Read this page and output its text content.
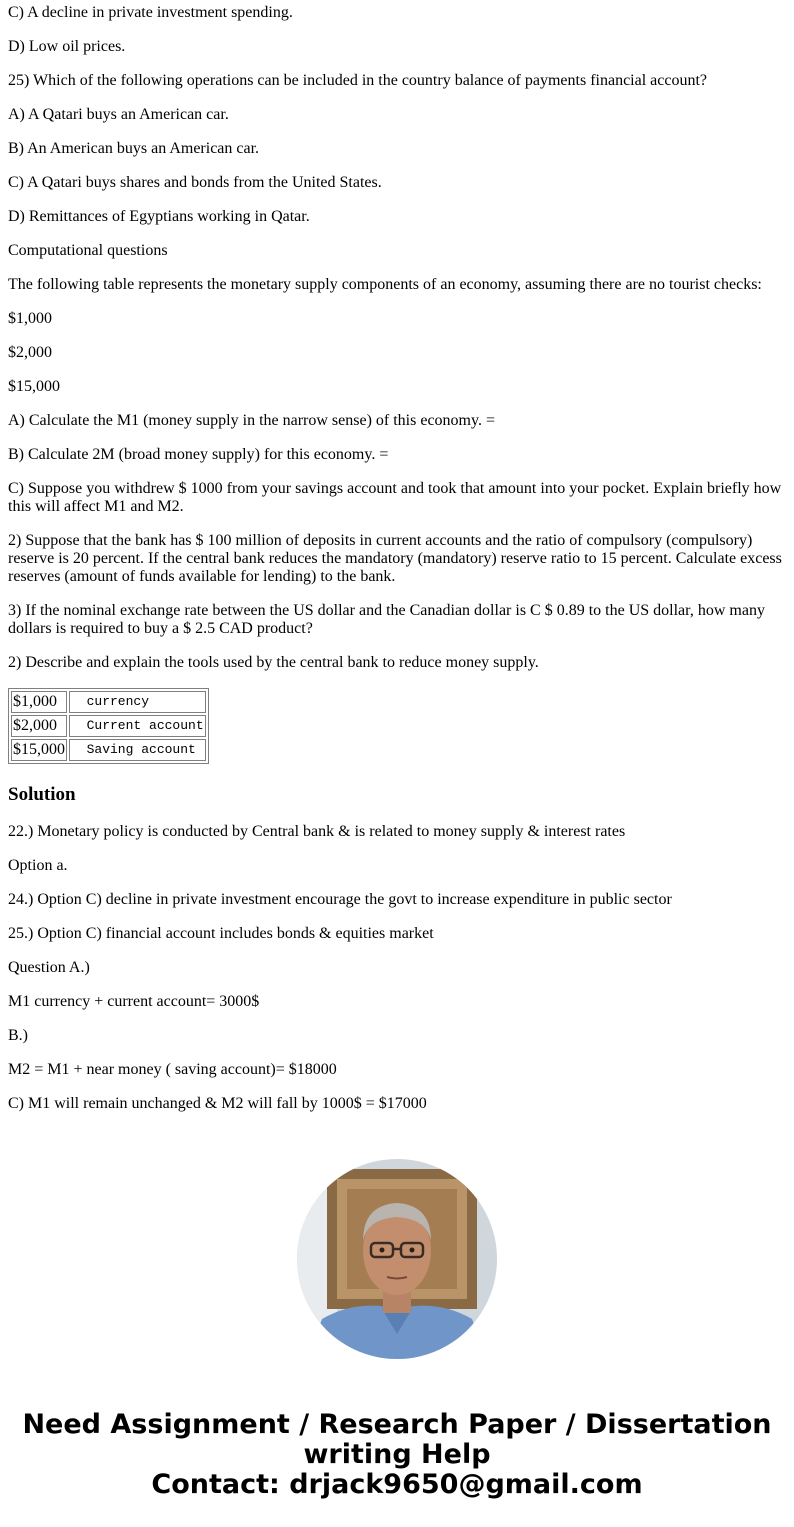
C) A decline in private investment spending.

D) Low oil prices.

25) Which of the following operations can be included in the country balance of payments financial account?

A) A Qatari buys an American car.

B) An American buys an American car.

C) A Qatari buys shares and bonds from the United States.

D) Remittances of Egyptians working in Qatar.

Computational questions

The following table represents the monetary supply components of an economy, assuming there are no tourist checks:

$1,000

$2,000

$15,000

A) Calculate the M1 (money supply in the narrow sense) of this economy. =

B) Calculate 2M (broad money supply) for this economy. =

C) Suppose you withdrew $ 1000 from your savings account and took that amount into your pocket. Explain briefly how this will affect M1 and M2.

2) Suppose that the bank has $ 100 million of deposits in current accounts and the ratio of compulsory (compulsory) reserve is 20 percent. If the central bank reduces the mandatory (mandatory) reserve ratio to 15 percent. Calculate excess reserves (amount of funds available for lending) to the bank.

3) If the nominal exchange rate between the US dollar and the Canadian dollar is C $ 0.89 to the US dollar, how many dollars is required to buy a $ 2.5 CAD product?

2) Describe and explain the tools used by the central bank to reduce money supply.

$1,000	currency
$2,000	Current account
$15,000	Saving account
Solution

22.) Monetary policy is conducted by Central bank & is related to money supply & interest rates

Option a.

24.) Option C) decline in private investment encourage the govt to increase expenditure in public sector

25.) Option C) financial account includes bonds & equities market

Question A.)

M1 currency + current account= 3000$

B.)

M2 = M1 + near money ( saving account)= $18000

C) M1 will remain unchanged & M2 will fall by 1000$ = $17000

Need Assignment / Research Paper / Dissertation writing Help
Contact: drjack9650@gmail.com
